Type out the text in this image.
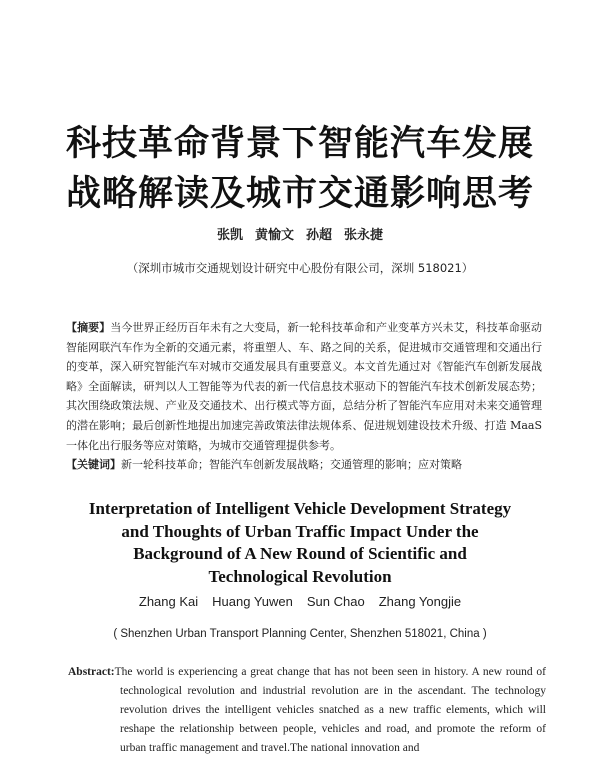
科技革命背景下智能汽车发展
战略解读及城市交通影响思考
张凯 黄愉文 孙超 张永捷
（深圳市城市交通规划设计研究中心股份有限公司，深圳 518021）
【摘要】当今世界正经历百年未有之大变局，新一轮科技革命和产业变革方兴未艾，科技革命驱动智能网联汽车作为全新的交通元素，将重塑人、车、路之间的关系，促进城市交通管理和交通出行的变革，深入研究智能汽车对城市交通发展具有重要意义。本文首先通过对《智能汽车创新发展战略》全面解读，研判以人工智能等为代表的新一代信息技术驱动下的智能汽车技术创新发展态势；其次围绕政策法规、产业及交通技术、出行模式等方面，总结分析了智能汽车应用对未来交通管理的潜在影响；最后创新性地提出加速完善政策法律法规体系、促进规划建设技术升级、打造 MaaS 一体化出行服务等应对策略，为城市交通管理提供参考。
【关键词】新一轮科技革命；智能汽车创新发展战略；交通管理的影响；应对策略
Interpretation of Intelligent Vehicle Development Strategy
and Thoughts of Urban Traffic Impact Under the
Background of A New Round of Scientific and
Technological Revolution
Zhang Kai Huang Yuwen Sun Chao Zhang Yongjie
( Shenzhen Urban Transport Planning Center, Shenzhen 518021, China )
Abstract:The world is experiencing a great change that has not been seen in history. A new round of technological revolution and industrial revolution are in the ascendant. The technology revolution drives the intelligent vehicles snatched as a new traffic elements, which will reshape the relationship between people, vehicles and road, and promote the reform of urban traffic management and travel.The national innovation and
